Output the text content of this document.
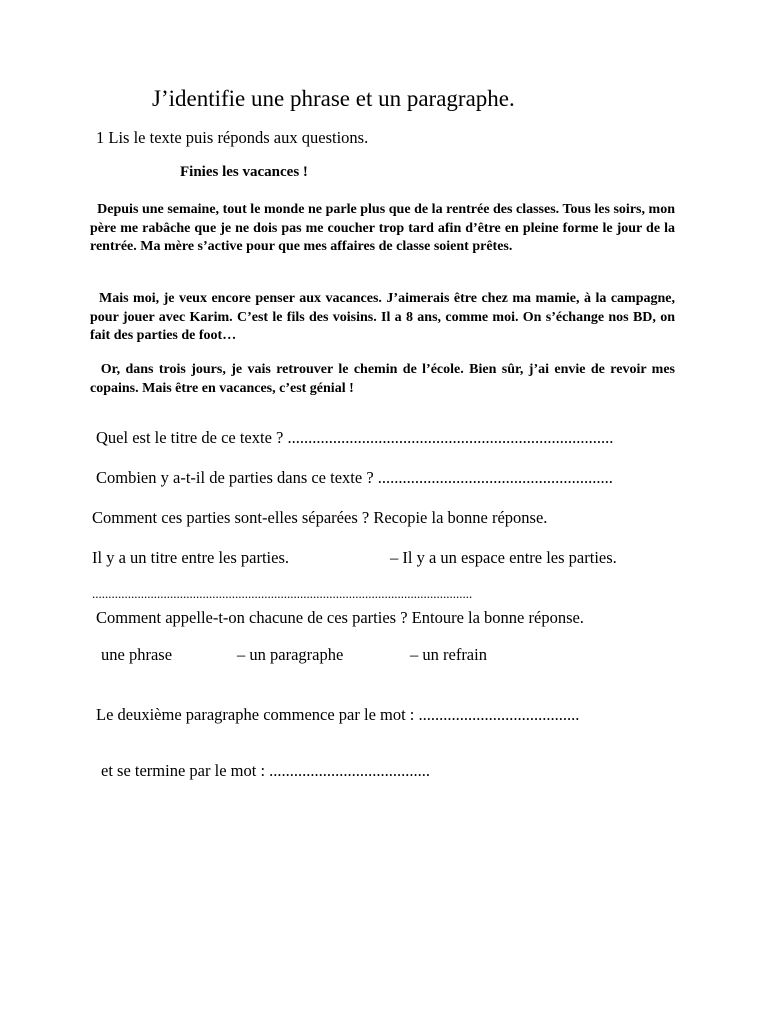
J’identifie une phrase et un paragraphe.

1 Lis le texte puis réponds aux questions.

Finies les vacances !

Depuis une semaine, tout le monde ne parle plus que de la rentrée des classes. Tous les soirs, mon père me rabâche que je ne dois pas me coucher trop tard afin d’être en pleine forme le jour de la rentrée. Ma mère s’active pour que mes affaires de classe soient prêtes.

Mais moi, je veux encore penser aux vacances. J’aimerais être chez ma mamie, à la campagne, pour jouer avec Karim. C’est le fils des voisins. Il a 8 ans, comme moi. On s’échange nos BD, on fait des parties de foot…

Or, dans trois jours, je vais retrouver le chemin de l’école. Bien sûr, j’ai envie de revoir mes copains. Mais être en vacances, c’est génial !

Quel est le titre de ce texte ? ...............................................................................

Combien y a-t-il de parties dans ce texte ? .........................................................

Comment ces parties sont-elles séparées ? Recopie la bonne réponse.

Il y a un titre entre les parties.	– Il y a un espace entre les parties.

.....................................................................................................................

Comment appelle-t-on chacune de ces parties ? Entoure la bonne réponse.

une phrase	– un paragraphe	– un refrain

Le deuxième paragraphe commence par le mot : .......................................

et se termine par le mot : .......................................
